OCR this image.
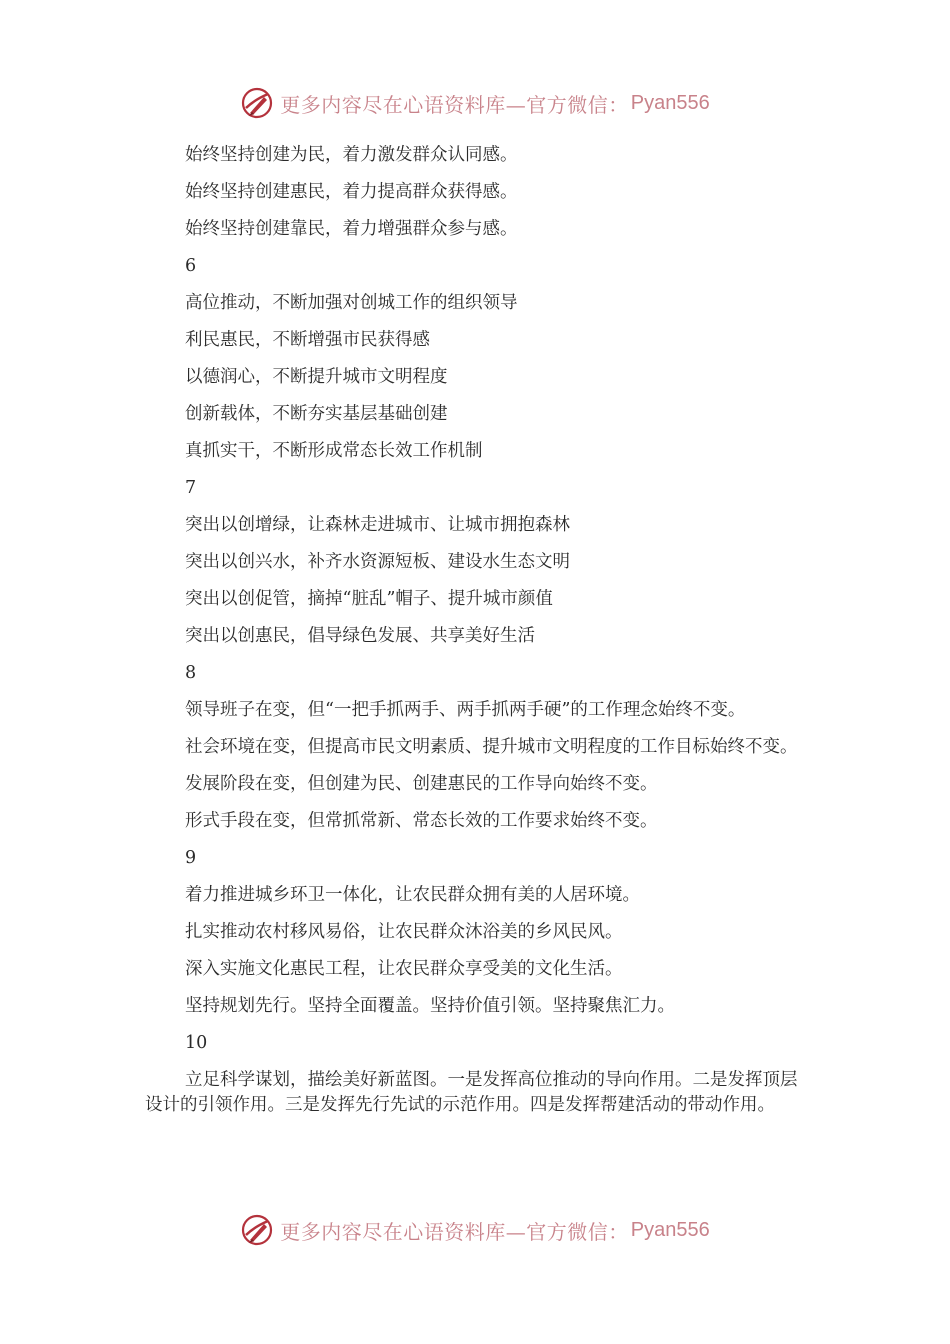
更多内容尽在心语资料库—官方微信： Pyan556

始终坚持创建为民，着力激发群众认同感。

始终坚持创建惠民，着力提高群众获得感。

始终坚持创建靠民，着力增强群众参与感。

6

高位推动，不断加强对创城工作的组织领导

利民惠民，不断增强市民获得感

以德润心，不断提升城市文明程度

创新载体，不断夯实基层基础创建

真抓实干，不断形成常态长效工作机制

7

突出以创增绿，让森林走进城市、让城市拥抱森林

突出以创兴水，补齐水资源短板、建设水生态文明

突出以创促管，摘掉“脏乱”帽子、提升城市颜值

突出以创惠民，倡导绿色发展、共享美好生活

8

领导班子在变，但“一把手抓两手、两手抓两手硬”的工作理念始终不变。

社会环境在变，但提高市民文明素质、提升城市文明程度的工作目标始终不变。

发展阶段在变，但创建为民、创建惠民的工作导向始终不变。

形式手段在变，但常抓常新、常态长效的工作要求始终不变。

9

着力推进城乡环卫一体化，让农民群众拥有美的人居环境。

扎实推动农村移风易俗，让农民群众沐浴美的乡风民风。

深入实施文化惠民工程，让农民群众享受美的文化生活。

坚持规划先行。坚持全面覆盖。坚持价值引领。坚持聚焦汇力。

10

立足科学谋划，描绘美好新蓝图。一是发挥高位推动的导向作用。二是发挥顶层设计的引领作用。三是发挥先行先试的示范作用。四是发挥帮建活动的带动作用。

更多内容尽在心语资料库—官方微信： Pyan556
